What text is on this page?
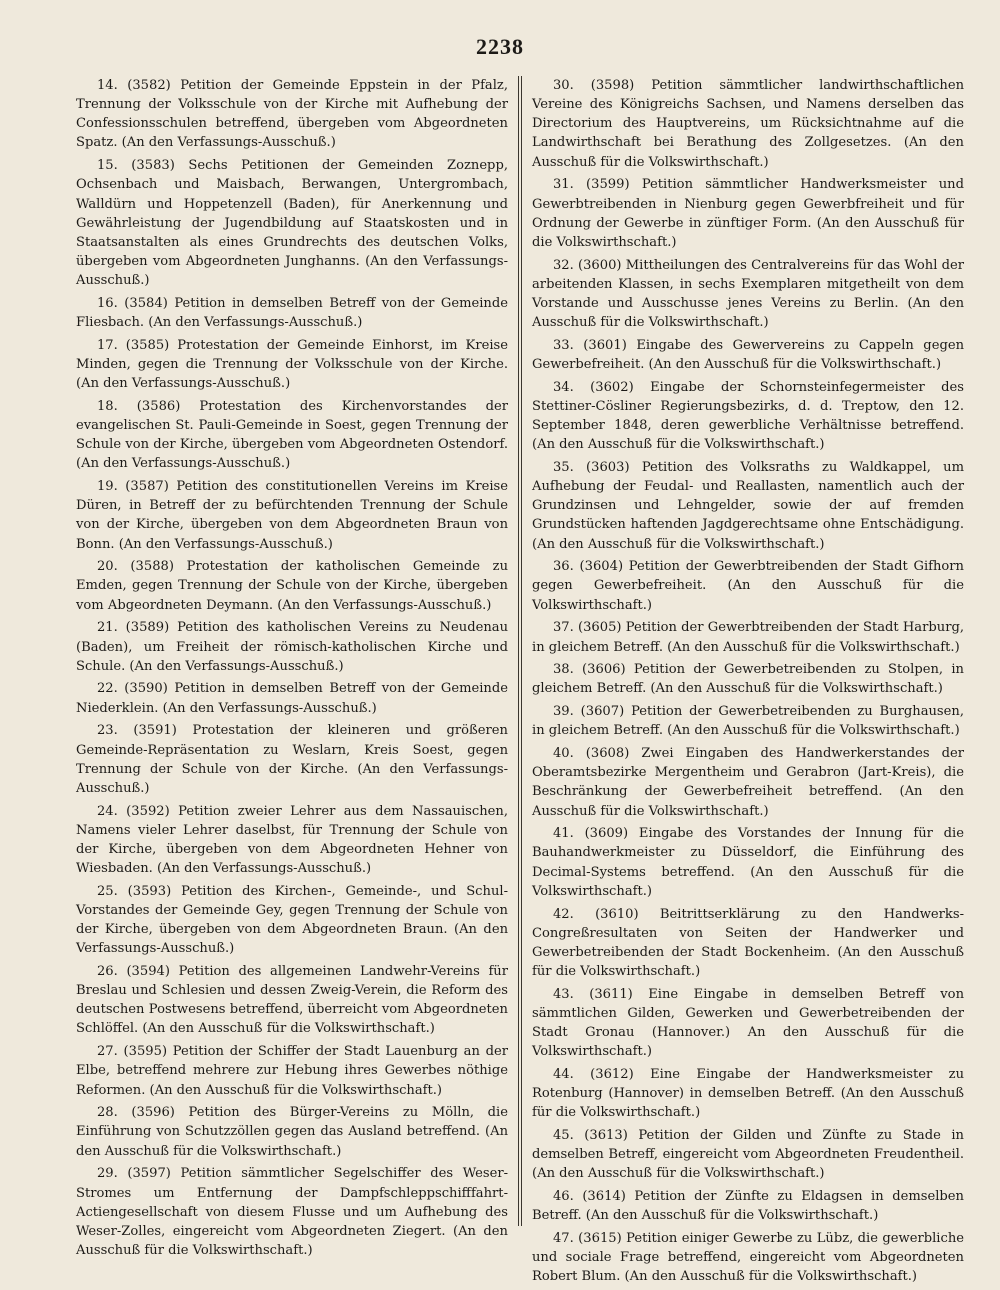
2238

14. (3582) Petition der Gemeinde Eppstein in der Pfalz, Trennung der Volksschule von der Kirche mit Aufhebung der Confessionsschulen betreffend, übergeben vom Abgeordneten Spatz. (An den Verfassungs-Ausschuß.)

15. (3583) Sechs Petitionen der Gemeinden Zoznepp, Ochsenbach und Maisbach, Berwangen, Untergrombach, Walldürn und Hoppetenzell (Baden), für Anerkennung und Gewährleistung der Jugendbildung auf Staatskosten und in Staatsanstalten als eines Grundrechts des deutschen Volks, übergeben vom Abgeordneten Junghanns. (An den Verfassungs-Ausschuß.)

16. (3584) Petition in demselben Betreff von der Gemeinde Fliesbach. (An den Verfassungs-Ausschuß.)

17. (3585) Protestation der Gemeinde Einhorst, im Kreise Minden, gegen die Trennung der Volksschule von der Kirche. (An den Verfassungs-Ausschuß.)

18. (3586) Protestation des Kirchenvorstandes der evangelischen St. Pauli-Gemeinde in Soest, gegen Trennung der Schule von der Kirche, übergeben vom Abgeordneten Ostendorf. (An den Verfassungs-Ausschuß.)

19. (3587) Petition des constitutionellen Vereins im Kreise Düren, in Betreff der zu befürchtenden Trennung der Schule von der Kirche, übergeben von dem Abgeordneten Braun von Bonn. (An den Verfassungs-Ausschuß.)

20. (3588) Protestation der katholischen Gemeinde zu Emden, gegen Trennung der Schule von der Kirche, übergeben vom Abgeordneten Deymann. (An den Verfassungs-Ausschuß.)

21. (3589) Petition des katholischen Vereins zu Neudenau (Baden), um Freiheit der römisch-katholischen Kirche und Schule. (An den Verfassungs-Ausschuß.)

22. (3590) Petition in demselben Betreff von der Gemeinde Niederklein. (An den Verfassungs-Ausschuß.)

23. (3591) Protestation der kleineren und größeren Gemeinde-Repräsentation zu Weslarn, Kreis Soest, gegen Trennung der Schule von der Kirche. (An den Verfassungs-Ausschuß.)

24. (3592) Petition zweier Lehrer aus dem Nassauischen, Namens vieler Lehrer daselbst, für Trennung der Schule von der Kirche, übergeben von dem Abgeordneten Hehner von Wiesbaden. (An den Verfassungs-Ausschuß.)

25. (3593) Petition des Kirchen-, Gemeinde-, und Schul-Vorstandes der Gemeinde Gey, gegen Trennung der Schule von der Kirche, übergeben von dem Abgeordneten Braun. (An den Verfassungs-Ausschuß.)

26. (3594) Petition des allgemeinen Landwehr-Vereins für Breslau und Schlesien und dessen Zweig-Verein, die Reform des deutschen Postwesens betreffend, überreicht vom Abgeordneten Schlöffel. (An den Ausschuß für die Volkswirthschaft.)

27. (3595) Petition der Schiffer der Stadt Lauenburg an der Elbe, betreffend mehrere zur Hebung ihres Gewerbes nöthige Reformen. (An den Ausschuß für die Volkswirthschaft.)

28. (3596) Petition des Bürger-Vereins zu Mölln, die Einführung von Schutzzöllen gegen das Ausland betreffend. (An den Ausschuß für die Volkswirthschaft.)

29. (3597) Petition sämmtlicher Segelschiffer des Weser-Stromes um Entfernung der Dampfschleppschifffahrt-Actiengesellschaft von diesem Flusse und um Aufhebung des Weser-Zolles, eingereicht vom Abgeordneten Ziegert. (An den Ausschuß für die Volkswirthschaft.)

30. (3598) Petition sämmtlicher landwirthschaftlichen Vereine des Königreichs Sachsen, und Namens derselben das Directorium des Hauptvereins, um Rücksichtnahme auf die Landwirthschaft bei Berathung des Zollgesetzes. (An den Ausschuß für die Volkswirthschaft.)

31. (3599) Petition sämmtlicher Handwerksmeister und Gewerbtreibenden in Nienburg gegen Gewerbfreiheit und für Ordnung der Gewerbe in zünftiger Form. (An den Ausschuß für die Volkswirthschaft.)

32. (3600) Mittheilungen des Centralvereins für das Wohl der arbeitenden Klassen, in sechs Exemplaren mitgetheilt von dem Vorstande und Ausschusse jenes Vereins zu Berlin. (An den Ausschuß für die Volkswirthschaft.)

33. (3601) Eingabe des Gewervereins zu Cappeln gegen Gewerbefreiheit. (An den Ausschuß für die Volkswirthschaft.)

34. (3602) Eingabe der Schornsteinfegermeister des Stettiner-Cösliner Regierungsbezirks, d. d. Treptow, den 12. September 1848, deren gewerbliche Verhältnisse betreffend. (An den Ausschuß für die Volkswirthschaft.)

35. (3603) Petition des Volksraths zu Waldkappel, um Aufhebung der Feudal- und Reallasten, namentlich auch der Grundzinsen und Lehngelder, sowie der auf fremden Grundstücken haftenden Jagdgerechtsame ohne Entschädigung. (An den Ausschuß für die Volkswirthschaft.)

36. (3604) Petition der Gewerbtreibenden der Stadt Gifhorn gegen Gewerbefreiheit. (An den Ausschuß für die Volkswirthschaft.)

37. (3605) Petition der Gewerbtreibenden der Stadt Harburg, in gleichem Betreff. (An den Ausschuß für die Volkswirthschaft.)

38. (3606) Petition der Gewerbetreibenden zu Stolpen, in gleichem Betreff. (An den Ausschuß für die Volkswirthschaft.)

39. (3607) Petition der Gewerbetreibenden zu Burghausen, in gleichem Betreff. (An den Ausschuß für die Volkswirthschaft.)

40. (3608) Zwei Eingaben des Handwerkerstandes der Oberamtsbezirke Mergentheim und Gerabron (Jart-Kreis), die Beschränkung der Gewerbefreiheit betreffend. (An den Ausschuß für die Volkswirthschaft.)

41. (3609) Eingabe des Vorstandes der Innung für die Bauhandwerkmeister zu Düsseldorf, die Einführung des Decimal-Systems betreffend. (An den Ausschuß für die Volkswirthschaft.)

42. (3610) Beitrittserklärung zu den Handwerks-Congreßresultaten von Seiten der Handwerker und Gewerbetreibenden der Stadt Bockenheim. (An den Ausschuß für die Volkswirthschaft.)

43. (3611) Eine Eingabe in demselben Betreff von sämmtlichen Gilden, Gewerken und Gewerbetreibenden der Stadt Gronau (Hannover.) An den Ausschuß für die Volkswirthschaft.)

44. (3612) Eine Eingabe der Handwerksmeister zu Rotenburg (Hannover) in demselben Betreff. (An den Ausschuß für die Volkswirthschaft.)

45. (3613) Petition der Gilden und Zünfte zu Stade in demselben Betreff, eingereicht vom Abgeordneten Freudentheil. (An den Ausschuß für die Volkswirthschaft.)

46. (3614) Petition der Zünfte zu Eldagsen in demselben Betreff. (An den Ausschuß für die Volkswirthschaft.)

47. (3615) Petition einiger Gewerbe zu Lübz, die gewerbliche und sociale Frage betreffend, eingereicht vom Abgeordneten Robert Blum. (An den Ausschuß für die Volkswirthschaft.)
